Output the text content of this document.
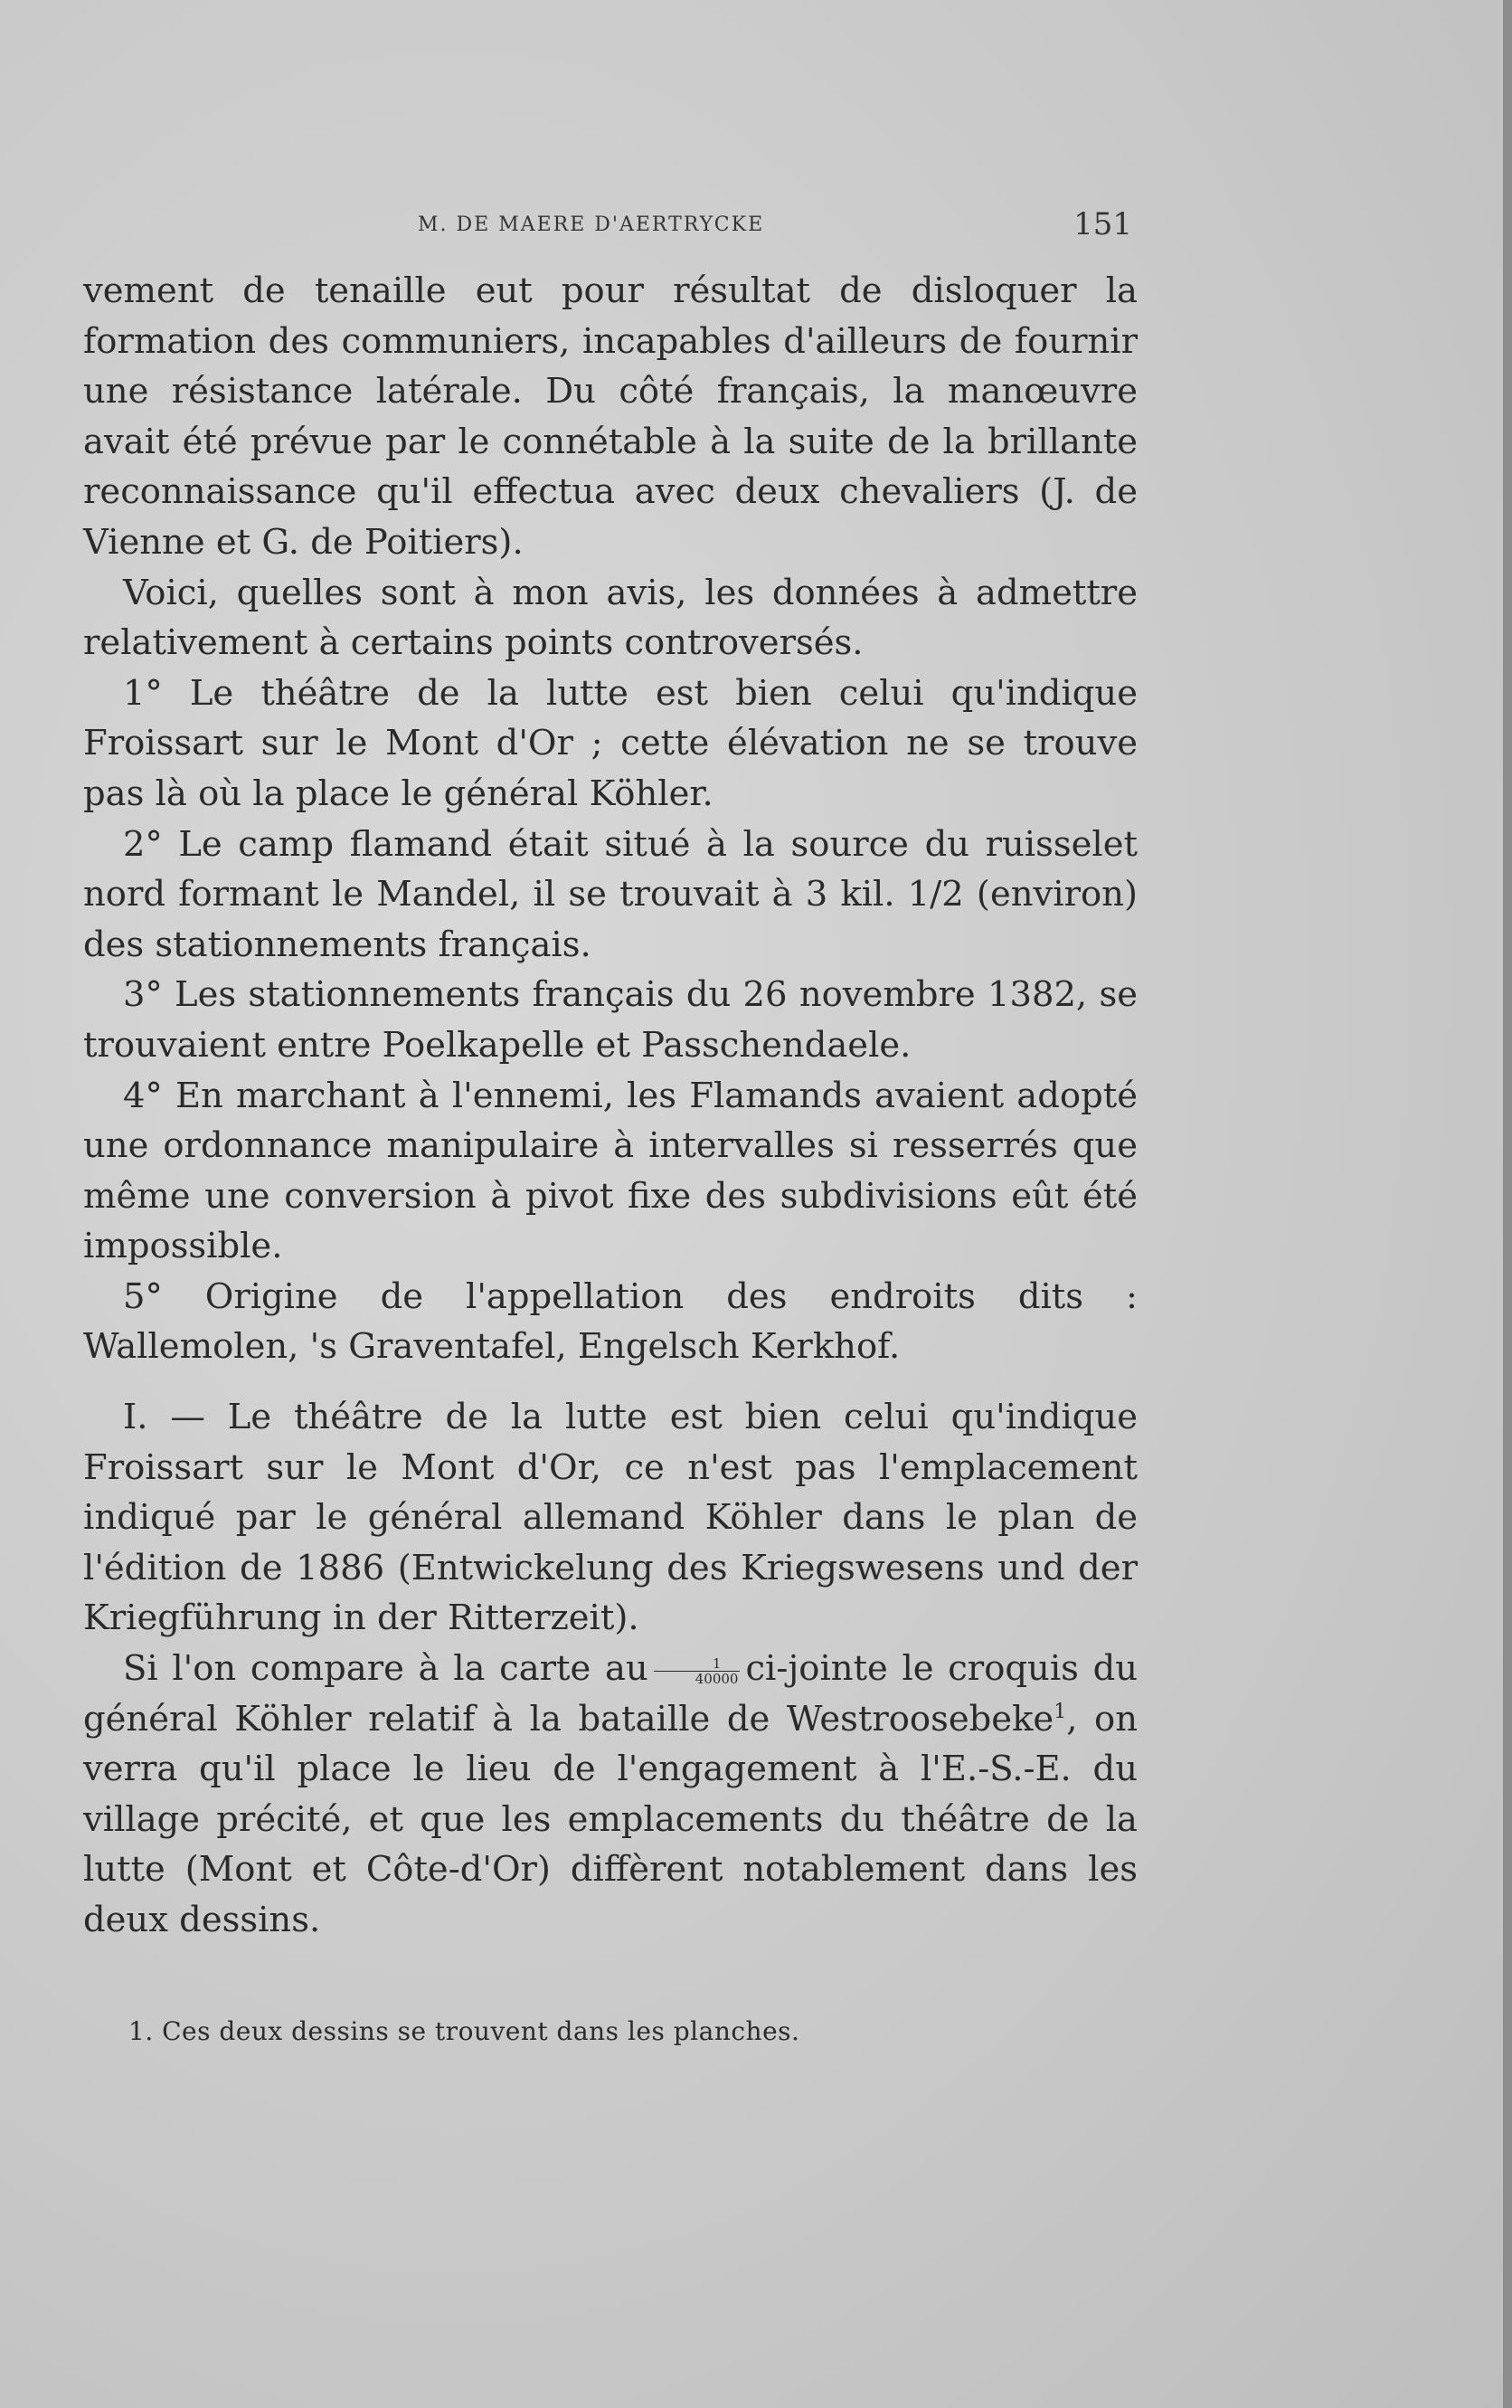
M. DE MAERE D'AERTRYCKE	151

vement de tenaille eut pour résultat de disloquer la formation des communiers, incapables d'ailleurs de fournir une résistance latérale. Du côté français, la manœuvre avait été prévue par le connétable à la suite de la brillante reconnaissance qu'il effectua avec deux chevaliers (J. de Vienne et G. de Poitiers).

Voici, quelles sont à mon avis, les données à admettre relativement à certains points controversés.

1° Le théâtre de la lutte est bien celui qu'indique Froissart sur le Mont d'Or ; cette élévation ne se trouve pas là où la place le général Köhler.

2° Le camp flamand était situé à la source du ruisselet nord formant le Mandel, il se trouvait à 3 kil. 1/2 (environ) des stationnements français.

3° Les stationnements français du 26 novembre 1382, se trouvaient entre Poelkapelle et Passchendaele.

4° En marchant à l'ennemi, les Flamands avaient adopté une ordonnance manipulaire à intervalles si resserrés que même une conversion à pivot fixe des subdivisions eût été impossible.

5° Origine de l'appellation des endroits dits : Wallemolen, 's Graventafel, Engelsch Kerkhof.

I. — Le théâtre de la lutte est bien celui qu'indique Froissart sur le Mont d'Or, ce n'est pas l'emplacement indiqué par le général allemand Köhler dans le plan de l'édition de 1886 (Entwickelung des Kriegswesens und der Kriegführung in der Ritterzeit).

Si l'on compare à la carte au $\frac{1}{40000}$ ci-jointe le croquis du général Köhler relatif à la bataille de Westroosebeke$^1$, on verra qu'il place le lieu de l'engagement à l'E.-S.-E. du village précité, et que les emplacements du théâtre de la lutte (Mont et Côte-d'Or) diffèrent notablement dans les deux dessins.

1. Ces deux dessins se trouvent dans les planches.
